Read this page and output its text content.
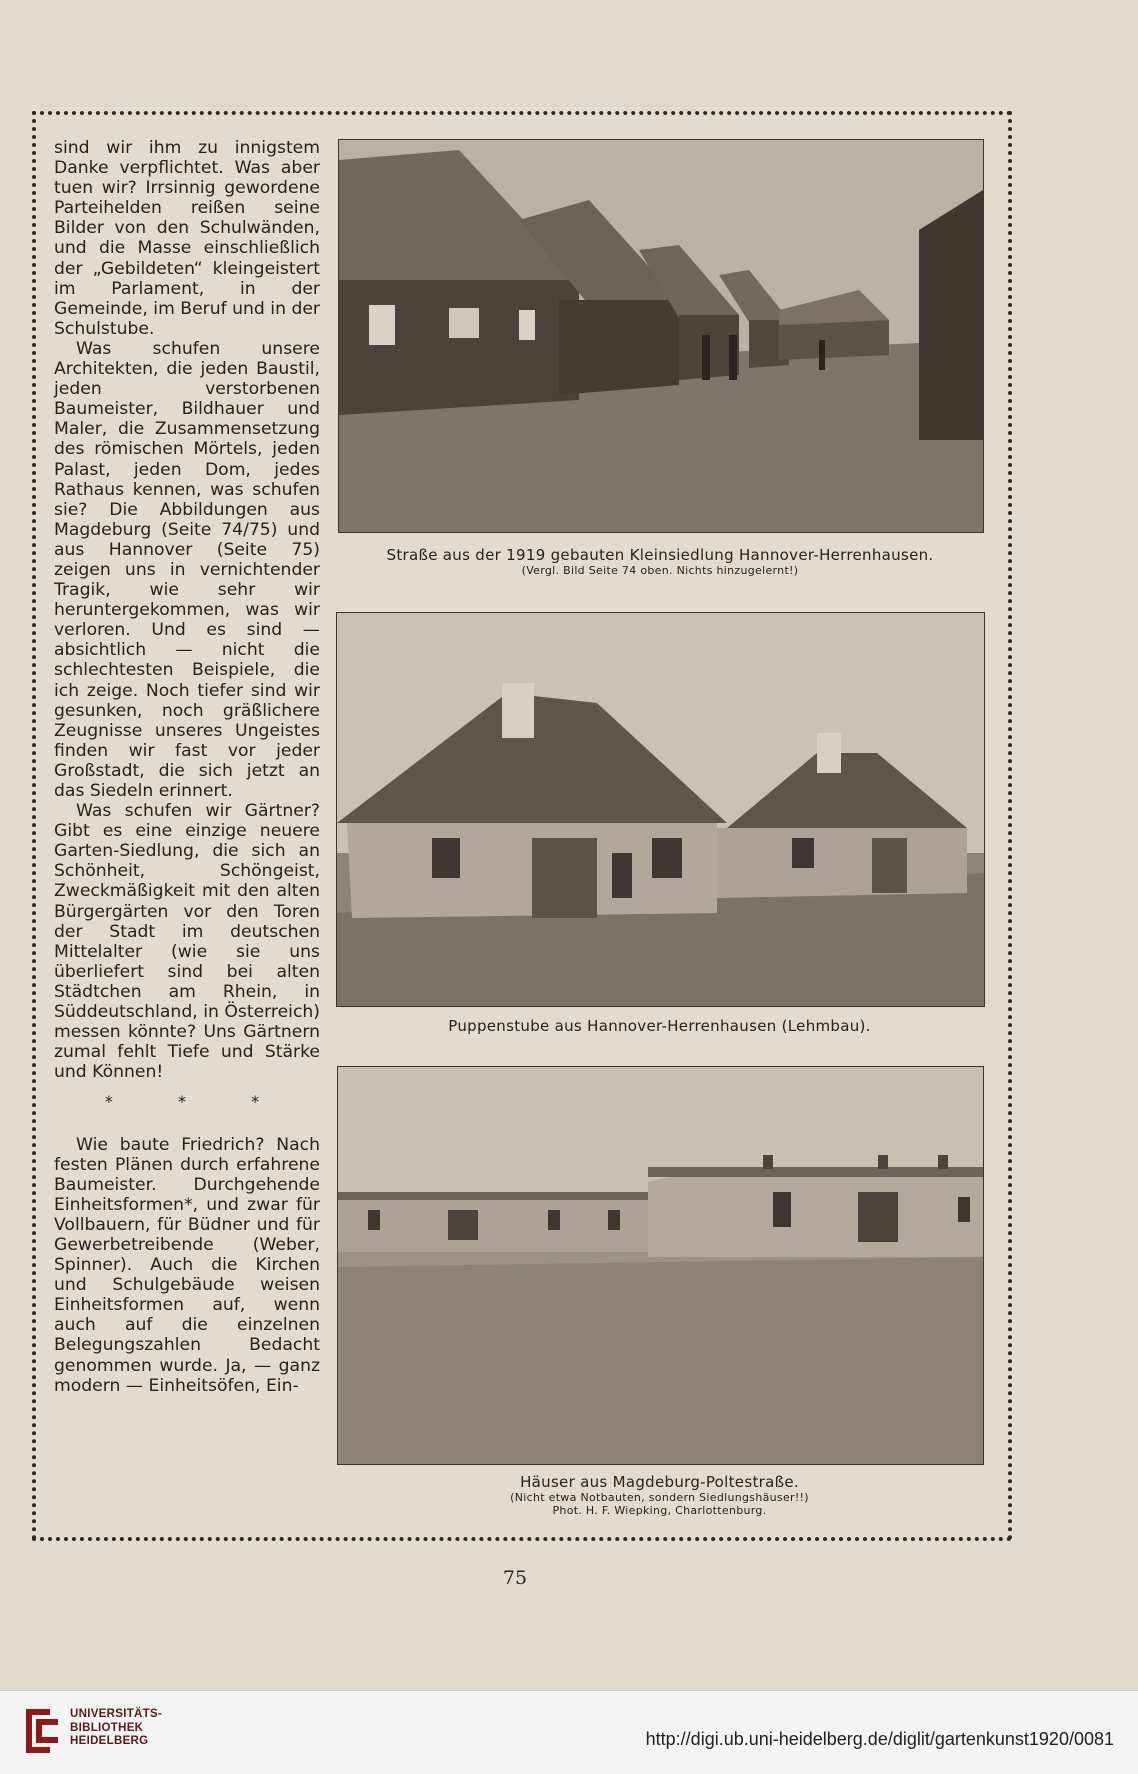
sind wir ihm zu innigstem Danke verpflichtet. Was aber tuen wir? Irrsinnig gewordene Parteihelden reißen seine Bilder von den Schulwänden, und die Masse einschließlich der „Gebildeten“ kleingeistert im Parlament, in der Gemeinde, im Beruf und in der Schulstube.

Was schufen unsere Architekten, die jeden Baustil, jeden verstorbenen Baumeister, Bildhauer und Maler, die Zusammensetzung des römischen Mörtels, jeden Palast, jeden Dom, jedes Rathaus kennen, was schufen sie? Die Abbildungen aus Magdeburg (Seite 74/75) und aus Hannover (Seite 75) zeigen uns in vernichtender Tragik, wie sehr wir heruntergekommen, was wir verloren. Und es sind — absichtlich — nicht die schlechtesten Beispiele, die ich zeige. Noch tiefer sind wir gesunken, noch gräßlichere Zeugnisse unseres Ungeistes finden wir fast vor jeder Großstadt, die sich jetzt an das Siedeln erinnert.

Was schufen wir Gärtner? Gibt es eine einzige neuere Garten-Siedlung, die sich an Schönheit, Schöngeist, Zweckmäßigkeit mit den alten Bürgergärten vor den Toren der Stadt im deutschen Mittelalter (wie sie uns überliefert sind bei alten Städtchen am Rhein, in Süddeutschland, in Österreich) messen könnte? Uns Gärtnern zumal fehlt Tiefe und Stärke und Können!

* * *

Wie baute Friedrich? Nach festen Plänen durch erfahrene Baumeister. Durchgehende Einheitsformen*, und zwar für Vollbauern, für Büdner und für Gewerbetreibende (Weber, Spinner). Auch die Kirchen und Schulgebäude weisen Einheitsformen auf, wenn auch auf die einzelnen Belegungszahlen Bedacht genommen wurde. Ja, — ganz modern — Einheitsöfen, Ein-

Straße aus der 1919 gebauten Kleinsiedlung Hannover-Herrenhausen.
(Vergl. Bild Seite 74 oben. Nichts hinzugelernt!)
Puppenstube aus Hannover-Herrenhausen (Lehmbau).
Häuser aus Magdeburg-Poltestraße.
(Nicht etwa Notbauten, sondern Siedlungshäuser!!)
Phot. H. F. Wiepking, Charlottenburg.
75
UNIVERSITÄTS-
BIBLIOTHEK
HEIDELBERG	http://digi.ub.uni-heidelberg.de/diglit/gartenkunst1920/0081
